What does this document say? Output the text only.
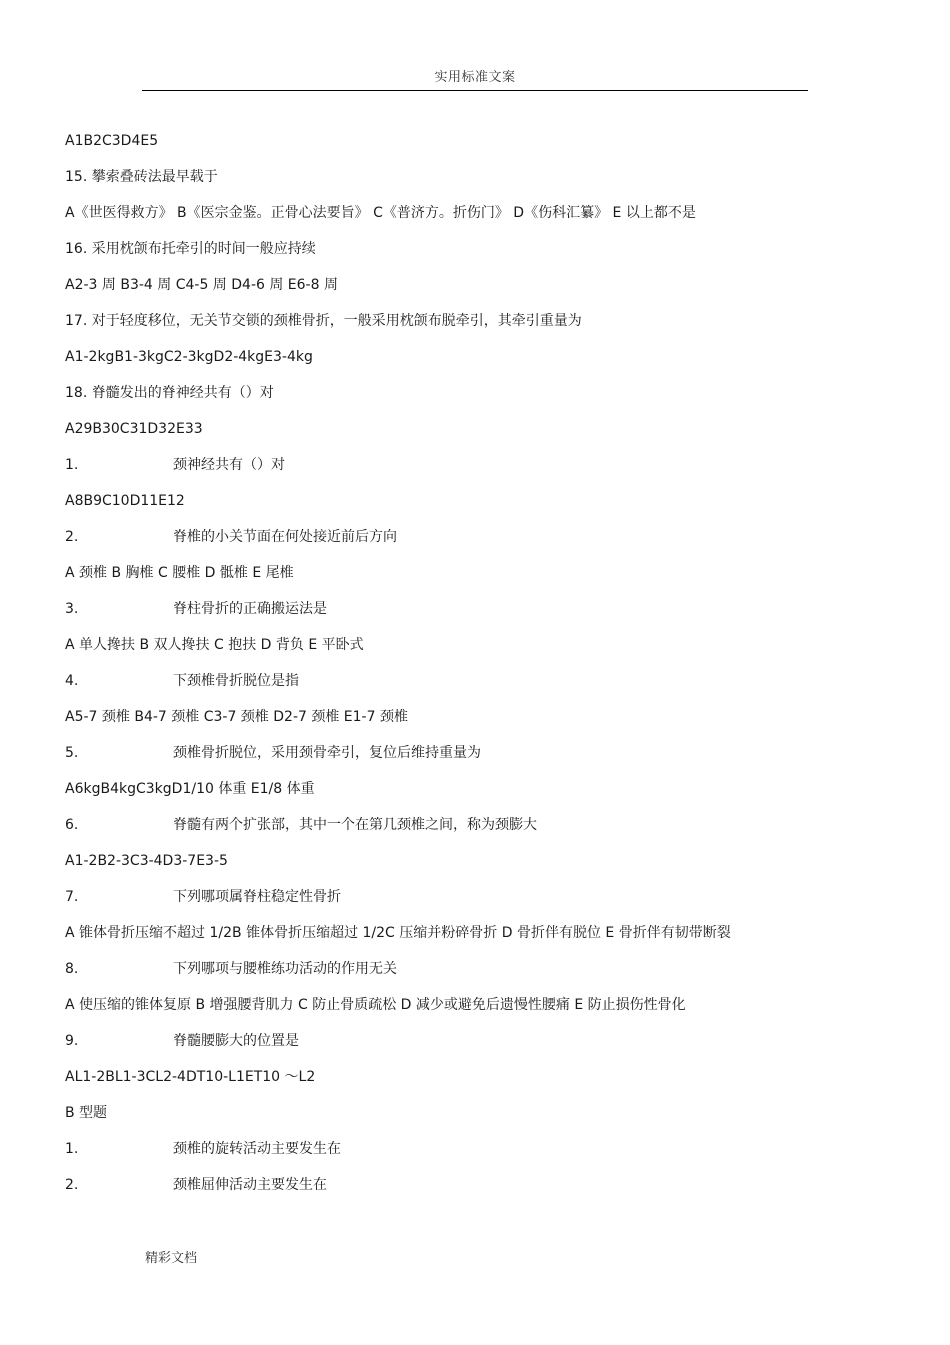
实用标准文案
A1B2C3D4E5
15. 攀索叠砖法最早载于
A《世医得救方》 B《医宗金鉴。正骨心法要旨》 C《普济方。折伤门》 D《伤科汇纂》 E 以上都不是
16. 采用枕颌布托牵引的时间一般应持续
A2-3 周 B3-4 周 C4-5 周 D4-6 周 E6-8 周
17. 对于轻度移位，无关节交锁的颈椎骨折，一般采用枕颌布脱牵引，其牵引重量为
A1-2kgB1-3kgC2-3kgD2-4kgE3-4kg
18. 脊髓发出的脊神经共有（）对
A29B30C31D32E33
1.	颈神经共有（）对
A8B9C10D11E12
2.	脊椎的小关节面在何处接近前后方向
A 颈椎 B 胸椎 C 腰椎 D 骶椎 E 尾椎
3.	脊柱骨折的正确搬运法是
A 单人搀扶 B 双人搀扶 C 抱扶 D 背负 E 平卧式
4.	下颈椎骨折脱位是指
A5-7 颈椎 B4-7 颈椎 C3-7 颈椎 D2-7 颈椎 E1-7 颈椎
5.	颈椎骨折脱位，采用颈骨牵引，复位后维持重量为
A6kgB4kgC3kgD1/10 体重 E1/8 体重
6.	脊髓有两个扩张部，其中一个在第几颈椎之间，称为颈膨大
A1-2B2-3C3-4D3-7E3-5
7.	下列哪项属脊柱稳定性骨折
A 锥体骨折压缩不超过 1/2B 锥体骨折压缩超过 1/2C 压缩并粉碎骨折 D 骨折伴有脱位 E 骨折伴有韧带断裂
8.	下列哪项与腰椎练功活动的作用无关
A 使压缩的锥体复原 B 增强腰背肌力 C 防止骨质疏松 D 减少或避免后遗慢性腰痛 E 防止损伤性骨化
9.	脊髓腰膨大的位置是
AL1-2BL1-3CL2-4DT10-L1ET10 ～L2
B 型题
1.	颈椎的旋转活动主要发生在
2.	颈椎屈伸活动主要发生在
精彩文档
